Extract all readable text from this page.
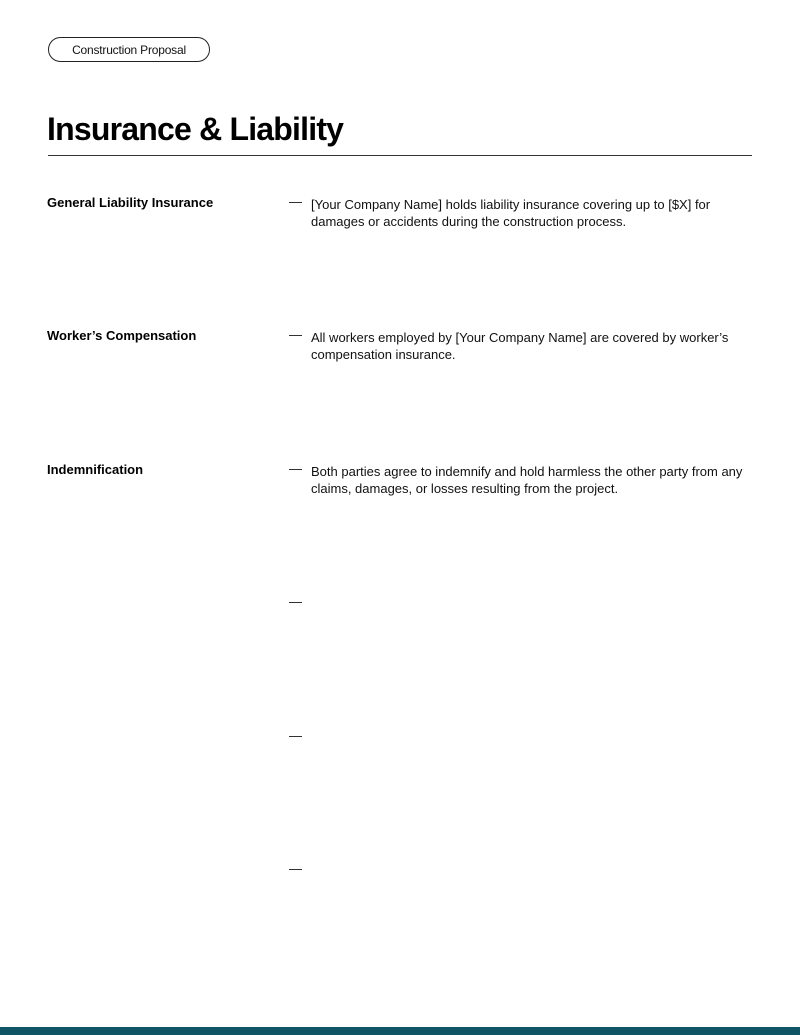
Construction Proposal
Insurance & Liability
General Liability Insurance	— [Your Company Name] holds liability insurance covering up to [$X] for damages or accidents during the construction process.
Worker’s Compensation	— All workers employed by [Your Company Name] are covered by worker’s compensation insurance.
Indemnification	— Both parties agree to indemnify and hold harmless the other party from any claims, damages, or losses resulting from the project.
—
—
—
